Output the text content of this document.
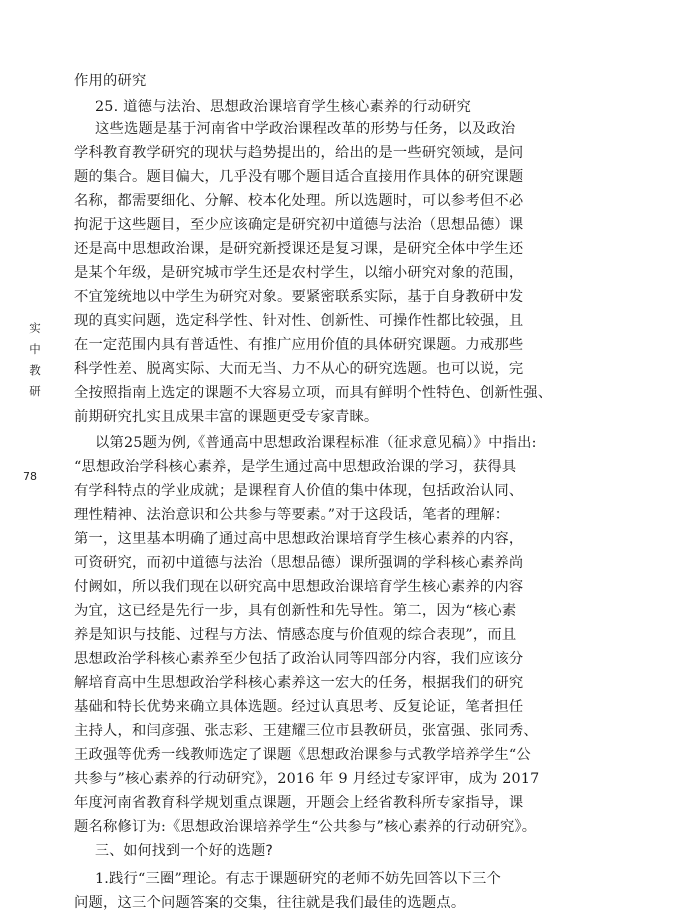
实中教研
78
作用的研究
25. 道德与法治、思想政治课培育学生核心素养的行动研究
这些选题是基于河南省中学政治课程改革的形势与任务，以及政治
学科教育教学研究的现状与趋势提出的，给出的是一些研究领域，是问
题的集合。题目偏大，几乎没有哪个题目适合直接用作具体的研究课题
名称，都需要细化、分解、校本化处理。所以选题时，可以参考但不必
拘泥于这些题目，至少应该确定是研究初中道德与法治（思想品德）课
还是高中思想政治课，是研究新授课还是复习课，是研究全体中学生还
是某个年级，是研究城市学生还是农村学生，以缩小研究对象的范围，
不宜笼统地以中学生为研究对象。要紧密联系实际，基于自身教研中发
现的真实问题，选定科学性、针对性、创新性、可操作性都比较强，且
在一定范围内具有普适性、有推广应用价值的具体研究课题。力戒那些
科学性差、脱离实际、大而无当、力不从心的研究选题。也可以说，完
全按照指南上选定的课题不大容易立项，而具有鲜明个性特色、创新性强、
前期研究扎实且成果丰富的课题更受专家青睐。
以第25题为例,《普通高中思想政治课程标准（征求意见稿）》中指出:
“思想政治学科核心素养，是学生通过高中思想政治课的学习，获得具
有学科特点的学业成就；是课程育人价值的集中体现，包括政治认同、
理性精神、法治意识和公共参与等要素。”对于这段话，笔者的理解：
第一，这里基本明确了通过高中思想政治课培育学生核心素养的内容，
可资研究，而初中道德与法治（思想品德）课所强调的学科核心素养尚
付阙如，所以我们现在以研究高中思想政治课培育学生核心素养的内容
为宜，这已经是先行一步，具有创新性和先导性。第二，因为“核心素
养是知识与技能、过程与方法、情感态度与价值观的综合表现”，而且
思想政治学科核心素养至少包括了政治认同等四部分内容，我们应该分
解培育高中生思想政治学科核心素养这一宏大的任务，根据我们的研究
基础和特长优势来确立具体选题。经过认真思考、反复论证，笔者担任
主持人，和闫彦强、张志彩、王建耀三位市县教研员，张富强、张同秀、
王政强等优秀一线教师选定了课题《思想政治课参与式教学培养学生“公
共参与”核心素养的行动研究》，2016 年 9 月经过专家评审，成为 2017
年度河南省教育科学规划重点课题，开题会上经省教科所专家指导，课
题名称修订为:《思想政治课培养学生“公共参与”核心素养的行动研究》。
三、如何找到一个好的选题?
1.践行“三圈”理论。有志于课题研究的老师不妨先回答以下三个
问题，这三个问题答案的交集，往往就是我们最佳的选题点。
